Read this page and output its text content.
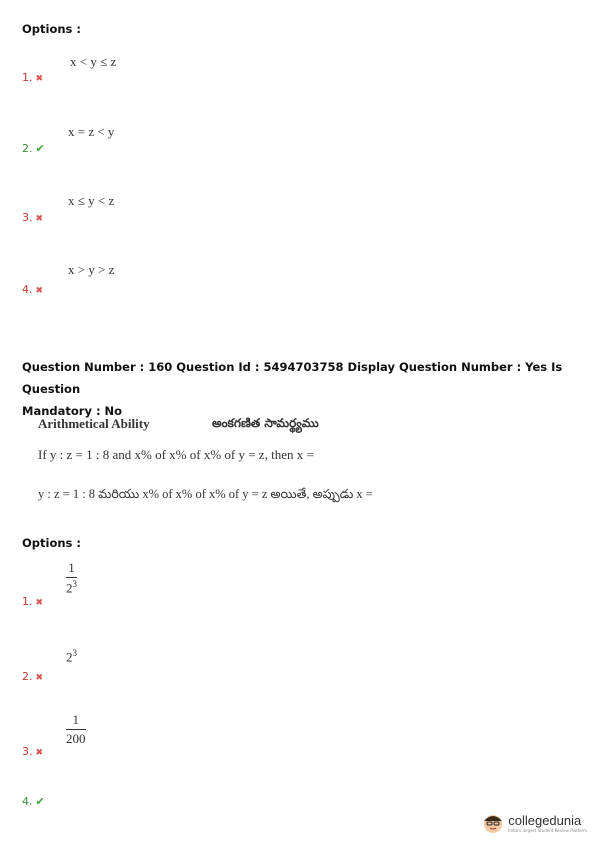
Options :
1. ✖
x < y ≤ z
2. ✔
x = z < y
3. ✖
x ≤ y < z
4. ✖
x > y > z
Question Number : 160 Question Id : 5494703758 Display Question Number : Yes Is Question
Mandatory : No
Arithmetical Ability	అంకగణిత సామర్థ్యము
If y : z = 1 : 8 and x% of x% of x% of y = z, then x =
y : z = 1 : 8 మరియు x% of x% of x% of y = z అయితే, అప్పుడు x =
Options :
1. ✖
1
$2^3$
2. ✖
$2^3$
3. ✖
1
200
4. ✔
collegedunia
India's largest Student Review Platform
